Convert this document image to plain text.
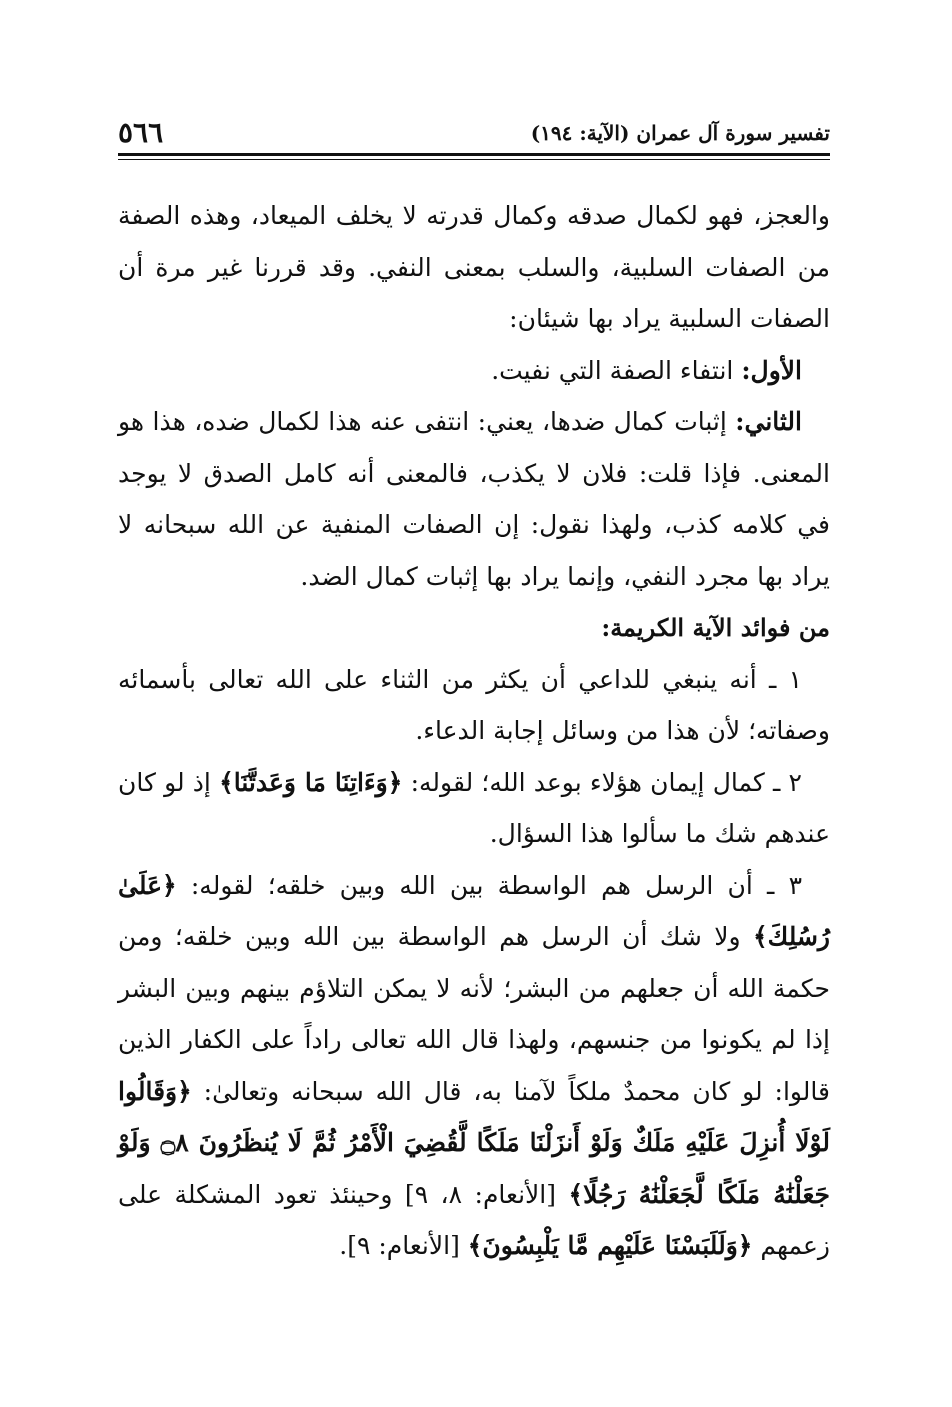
تفسير سورة آل عمران (الآية: ١٩٤)
٥٦٦

والعجز، فهو لكمال صدقه وكمال قدرته لا يخلف الميعاد، وهذه الصفة من الصفات السلبية، والسلب بمعنى النفي. وقد قررنا غير مرة أن الصفات السلبية يراد بها شيئان:

الأول: انتفاء الصفة التي نفيت.

الثاني: إثبات كمال ضدها، يعني: انتفى عنه هذا لكمال ضده، هذا هو المعنى. فإذا قلت: فلان لا يكذب، فالمعنى أنه كامل الصدق لا يوجد في كلامه كذب، ولهذا نقول: إن الصفات المنفية عن الله سبحانه لا يراد بها مجرد النفي، وإنما يراد بها إثبات كمال الضد.

من فوائد الآية الكريمة:

١ ـ أنه ينبغي للداعي أن يكثر من الثناء على الله تعالى بأسمائه وصفاته؛ لأن هذا من وسائل إجابة الدعاء.

٢ ـ كمال إيمان هؤلاء بوعد الله؛ لقوله: ﴿وَءَاتِنَا مَا وَعَدتَّنَا﴾ إذ لو كان عندهم شك ما سألوا هذا السؤال.

٣ ـ أن الرسل هم الواسطة بين الله وبين خلقه؛ لقوله: ﴿عَلَىٰ رُسُلِكَ﴾ ولا شك أن الرسل هم الواسطة بين الله وبين خلقه؛ ومن حكمة الله أن جعلهم من البشر؛ لأنه لا يمكن التلاؤم بينهم وبين البشر إذا لم يكونوا من جنسهم، ولهذا قال الله تعالى راداً على الكفار الذين قالوا: لو كان محمدٌ ملكاً لآمنا به، قال الله سبحانه وتعالىٰ: ﴿وَقَالُوا لَوْلَا أُنزِلَ عَلَيْهِ مَلَكٌ وَلَوْ أَنزَلْنَا مَلَكًا لَّقُضِيَ الْأَمْرُ ثُمَّ لَا يُنظَرُونَ ۝٨ وَلَوْ جَعَلْنَٰهُ مَلَكًا لَّجَعَلْنَٰهُ رَجُلًا﴾ [الأنعام: ٨، ٩] وحينئذ تعود المشكلة على زعمهم ﴿وَلَلَبَسْنَا عَلَيْهِم مَّا يَلْبِسُونَ﴾ [الأنعام: ٩].
